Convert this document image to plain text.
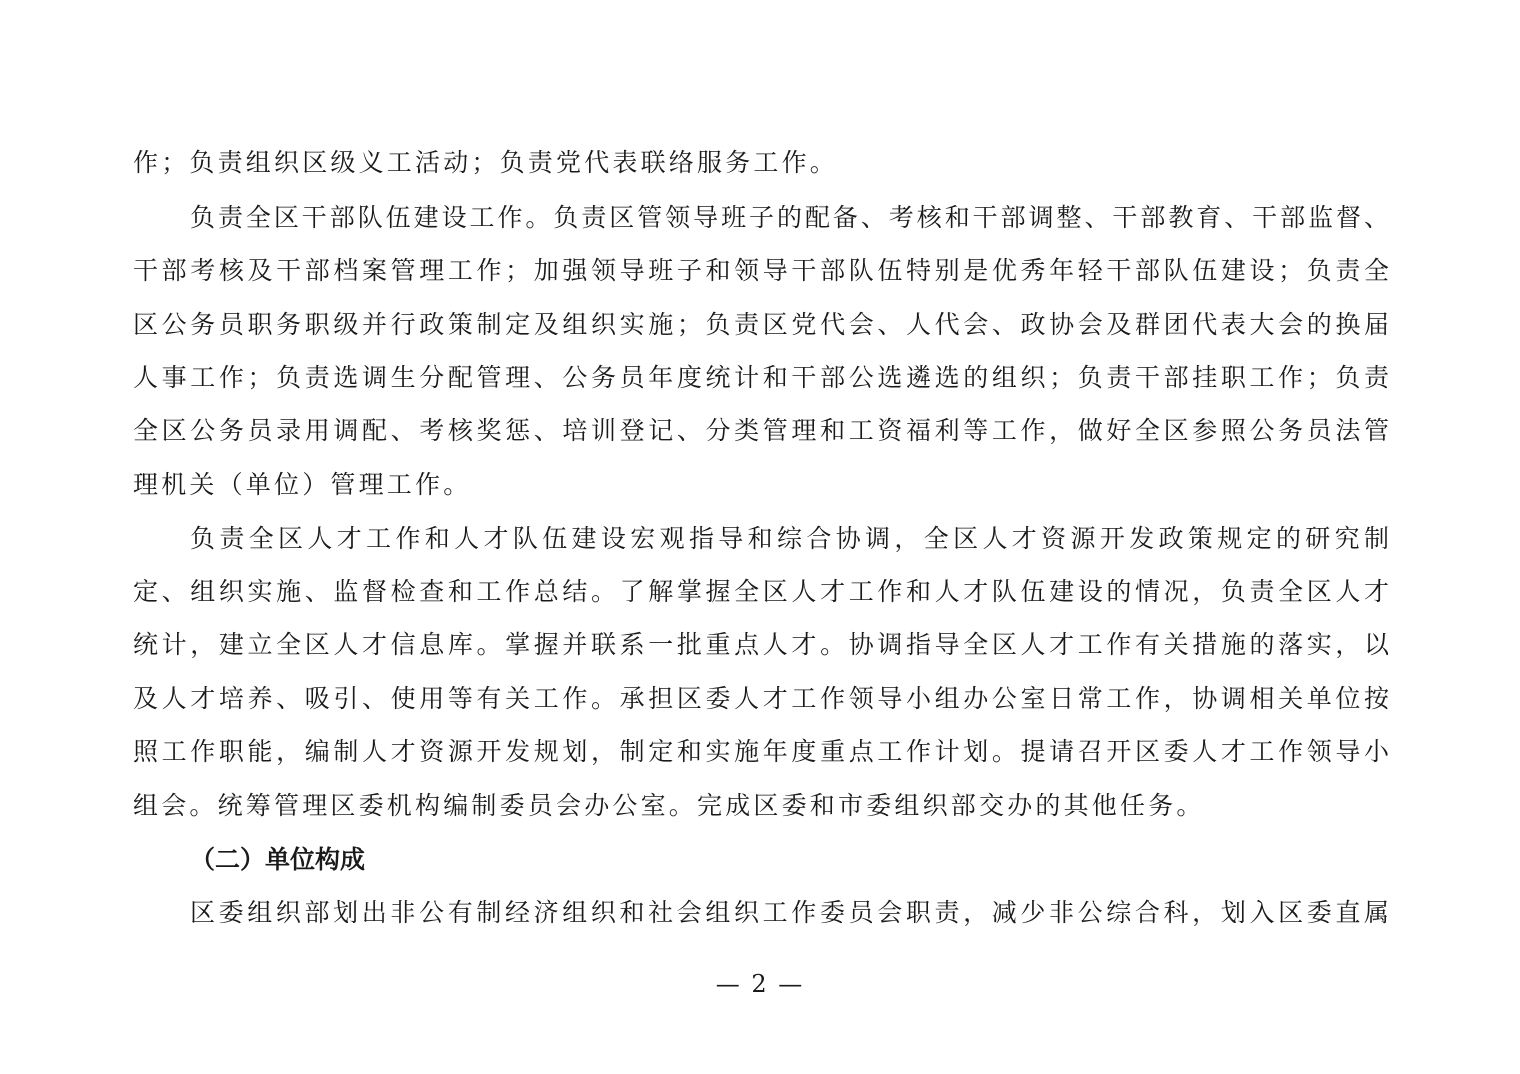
作；负责组织区级义工活动；负责党代表联络服务工作。
负责全区干部队伍建设工作。负责区管领导班子的配备、考核和干部调整、干部教育、干部监督、
干部考核及干部档案管理工作；加强领导班子和领导干部队伍特别是优秀年轻干部队伍建设；负责全
区公务员职务职级并行政策制定及组织实施；负责区党代会、人代会、政协会及群团代表大会的换届
人事工作；负责选调生分配管理、公务员年度统计和干部公选遴选的组织；负责干部挂职工作；负责
全区公务员录用调配、考核奖惩、培训登记、分类管理和工资福利等工作，做好全区参照公务员法管
理机关（单位）管理工作。
负责全区人才工作和人才队伍建设宏观指导和综合协调，全区人才资源开发政策规定的研究制
定、组织实施、监督检查和工作总结。了解掌握全区人才工作和人才队伍建设的情况，负责全区人才
统计，建立全区人才信息库。掌握并联系一批重点人才。协调指导全区人才工作有关措施的落实，以
及人才培养、吸引、使用等有关工作。承担区委人才工作领导小组办公室日常工作，协调相关单位按
照工作职能，编制人才资源开发规划，制定和实施年度重点工作计划。提请召开区委人才工作领导小
组会。统筹管理区委机构编制委员会办公室。完成区委和市委组织部交办的其他任务。
（二）单位构成
区委组织部划出非公有制经济组织和社会组织工作委员会职责，减少非公综合科，划入区委直属
— 2 —
